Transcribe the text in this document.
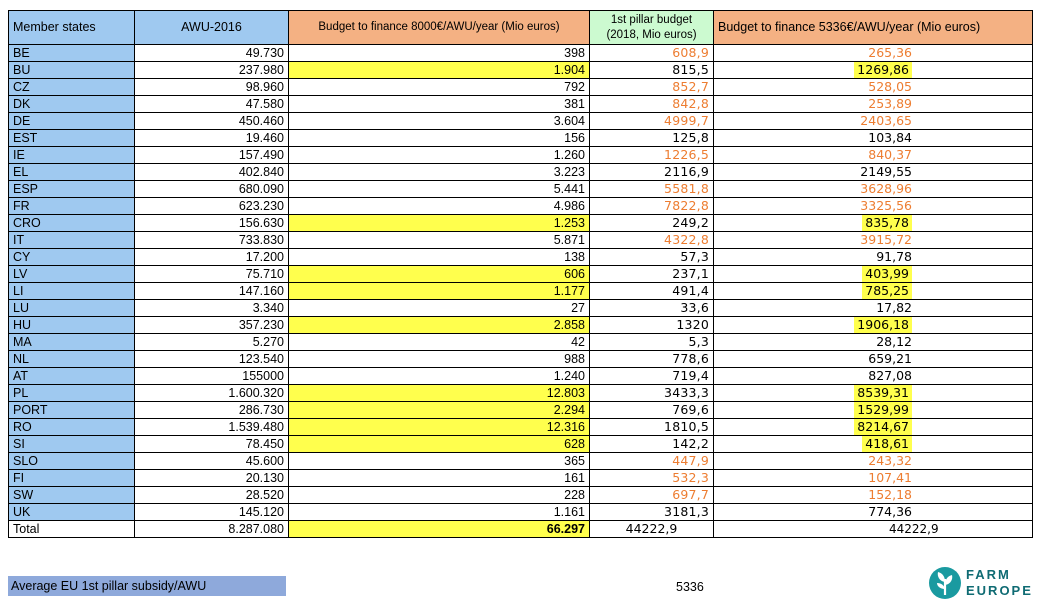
Member states	AWU-2016	Budget to finance 8000€/AWU/year (Mio euros)	1st pillar budget
(2018, Mio euros)	Budget to finance 5336€/AWU/year (Mio euros)
BE	49.730	398	608,9	265,36
BU	237.980	1.904	815,5	1269,86
CZ	98.960	792	852,7	528,05
DK	47.580	381	842,8	253,89
DE	450.460	3.604	4999,7	2403,65
EST	19.460	156	125,8	103,84
IE	157.490	1.260	1226,5	840,37
EL	402.840	3.223	2116,9	2149,55
ESP	680.090	5.441	5581,8	3628,96
FR	623.230	4.986	7822,8	3325,56
CRO	156.630	1.253	249,2	835,78
IT	733.830	5.871	4322,8	3915,72
CY	17.200	138	57,3	91,78
LV	75.710	606	237,1	403,99
LI	147.160	1.177	491,4	785,25
LU	3.340	27	33,6	17,82
HU	357.230	2.858	1320	1906,18
MA	5.270	42	5,3	28,12
NL	123.540	988	778,6	659,21
AT	155000	1.240	719,4	827,08
PL	1.600.320	12.803	3433,3	8539,31
PORT	286.730	2.294	769,6	1529,99
RO	1.539.480	12.316	1810,5	8214,67
SI	78.450	628	142,2	418,61
SLO	45.600	365	447,9	243,32
FI	20.130	161	532,3	107,41
SW	28.520	228	697,7	152,18
UK	145.120	1.161	3181,3	774,36
Total	8.287.080	66.297	44222,9	44222,9
Average EU 1st pillar subsidy/AWU	5336
FARM
EUROPE
